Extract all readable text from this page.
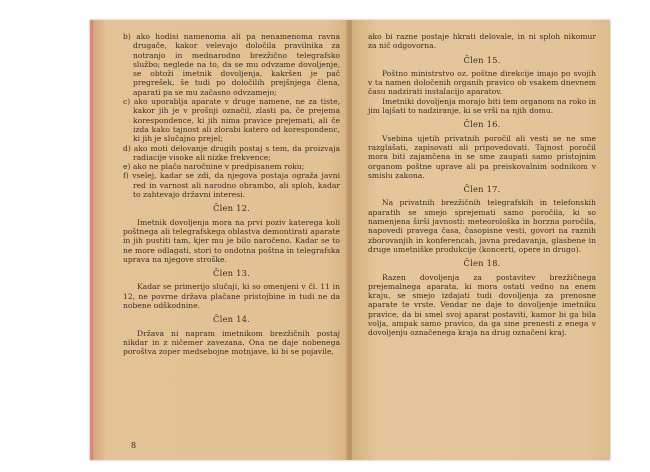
b) ako hodisi namenoma ali pa nenamenoma ravna drugače, kakor velevajo določila pravilnika za notranjo in mednarodno brezžično telegrafsko službo; neglede na to, da se mu odvzame dovoljenje, se obtoži imetnik dovoljenja, kakršen je pač pregrešek, še tudi po določilih prejšnjega člena, aparati pa se mu začasno odvzamejo;

c) ako uporablja aparate v druge namene, ne za tiste, kakor jih je v prošnji označil, zlasti pa, če prejema korespondence, ki jih nima pravice prejemati, ali če izda kako tajnost ali zlorabi katero od korespondenc, ki jih je slučajno prejel;

d) ako moti delovanje drugih postaj s tem, da proizvaja radiacije visoke ali nizke frekvence;

e) ako ne plača naročnine v predpisanem roku;

f) vselej, kadar se zdi, da njegova postaja ograža javni red in varnost ali narodno obrambo, ali sploh, kadar to zahtevajo državni interesi.

Člen 12.

Imetnik dovoljenja mora na prvi poziv katerega koli poštnega ali telegrafskega oblastva demontirati aparate in jih pustiti tam, kjer mu je bilo naročeno. Kadar se to ne more odlagati, stori to ondotna poštna in telegrafska uprava na njegove stroške.

Člen 13.

Kadar se primerijo slučaji, ki so omenjeni v čl. 11 in 12, ne povrne država plačane pristojbine in tudi ne da nobene odškodnine.

Člen 14.

Država ni napram imetnikom brezžičnih postaj nikdar in z ničemer zavezana. Ona ne daje nobenega poroštva zoper medsebojne motnjave, ki bi se pojavile,

8

ako bi razne postaje hkrati delovale, in ni sploh nikomur za nič odgovorna.

Člen 15.

Poštno ministrstvo oz. poštne direkcije imajo po svojih v ta namen določenih organih pravico ob vsakem dnevnem času nadzirati instalacijo aparatov.

Imetniki dovoljenja morajo biti tem organom na roko in jim lajšati to nadziranje, ki se vrši na njih domu.

Člen 16.

Vsebina ujetih privatnih poročil ali vesti se ne sme razglašati, zapisovati ali pripovedovati. Tajnost poročil mora biti zajamčena in se sme zaupati samo pristojnim organom poštne uprave ali pa preiskovalnim sodnikom v smislu zakona.

Člen 17.

Na privatnih brezžičnih telegrafskih in telefonskih aparatih se smejo sprejemati samo poročila, ki so namenjena širši javnosti: meteorološka in borzna poročila, napovedi pravega časa, časopisne vesti, govori na raznih zborovanjih in konferencah, javna predavanja, glasbene in druge umetniške produkcije (koncerti, opere in drugo).

Člen 18.

Razen dovoljenja za postavitev brezžičnega prejemalnega aparata, ki mora ostati vedno na enem kraju, se smejo izdajati tudi dovoljenja za prenosne aparate te vrste. Vendar ne daje to dovoljenje imetniku pravice, da bi smel svoj aparat postaviti, kamor bi ga bila volja, ampak samo pravico, da ga sme prenesti z enega v dovoljenju označenega kraja na drug označeni kraj.
